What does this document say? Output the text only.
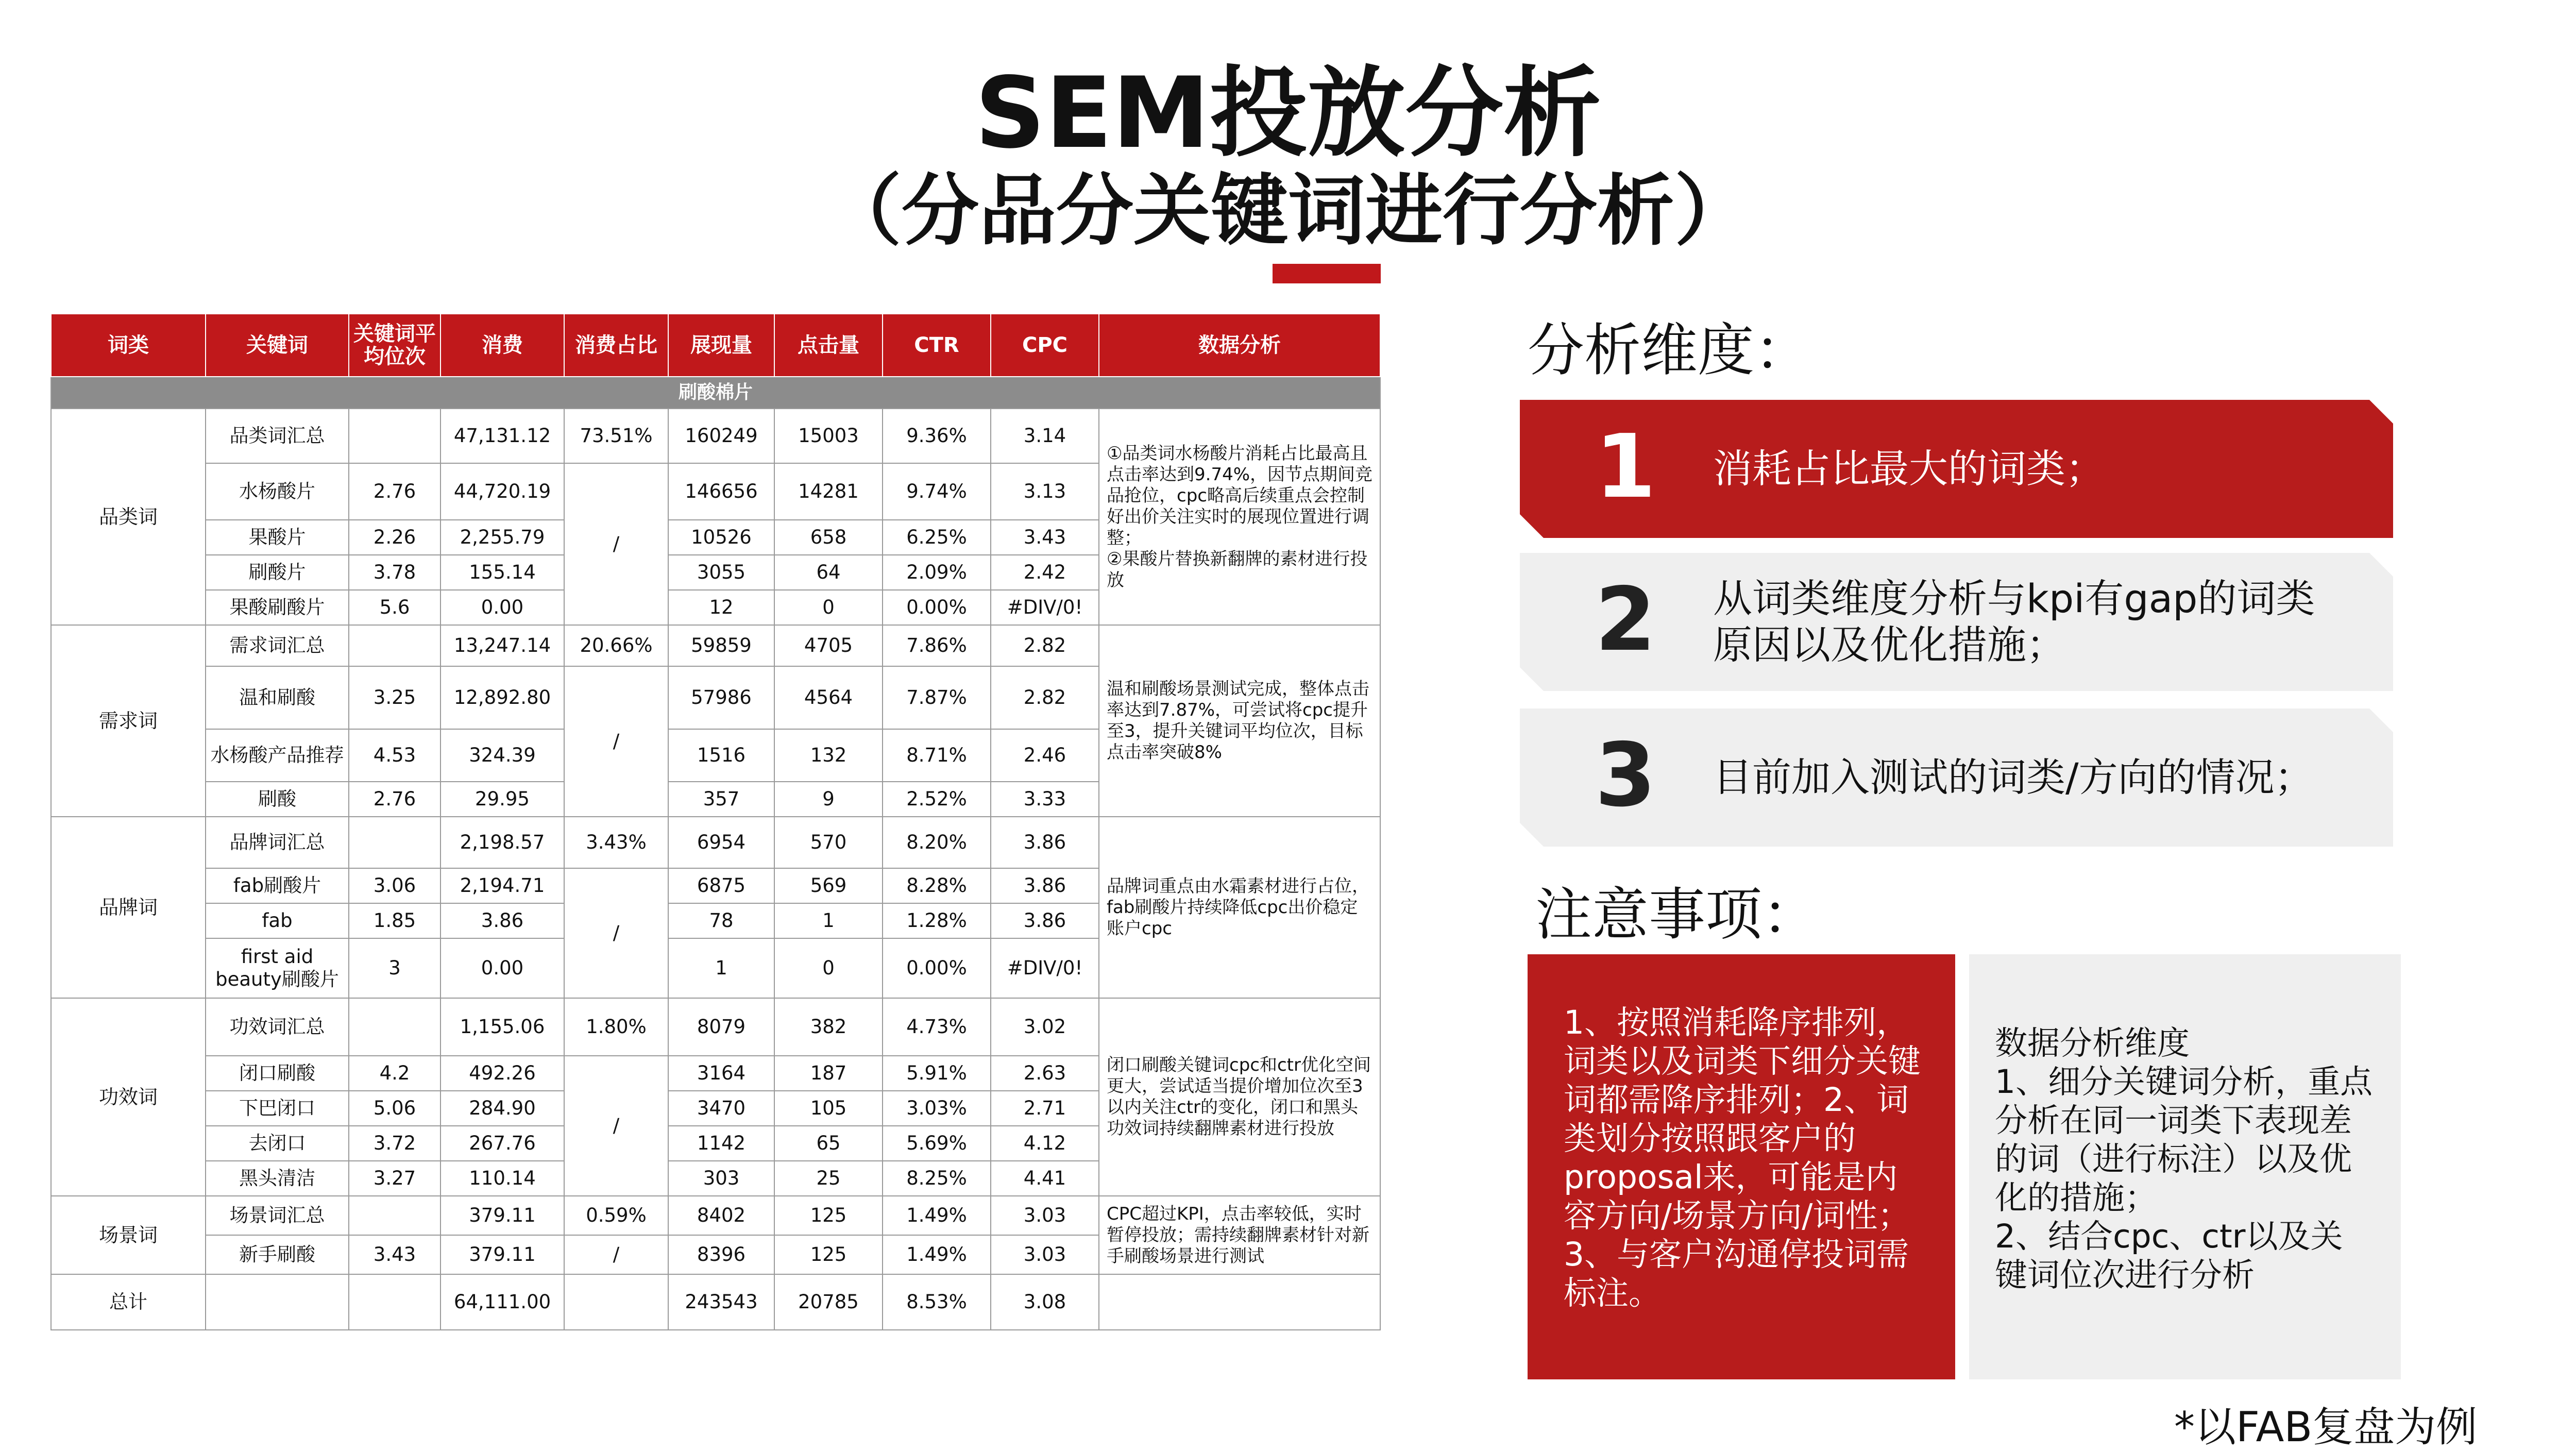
SEM投放分析
（分品分关键词进行分析）
词类	关键词	关键词平均位次	消费	消费占比	展现量	点击量	CTR	CPC	数据分析
刷酸棉片									
品类词	品类词汇总		47,131.12	73.51%	160249	15003	9.36%	3.14	①品类词水杨酸片消耗占比最高且点击率达到9.74%，因节点期间竞品抢位，cpc略高后续重点会控制好出价关注实时的展现位置进行调整；
②果酸片替换新翻牌的素材进行投放
	水杨酸片	2.76	44,720.19	/	146656	14281	9.74%	3.13	
	果酸片	2.26	2,255.79		10526	658	6.25%	3.43	
	刷酸片	3.78	155.14		3055	64	2.09%	2.42	
	果酸刷酸片	5.6	0.00		12	0	0.00%	#DIV/0!	
需求词	需求词汇总		13,247.14	20.66%	59859	4705	7.86%	2.82	温和刷酸场景测试完成，整体点击率达到7.87%，可尝试将cpc提升至3，提升关键词平均位次，目标点击率突破8%
	温和刷酸	3.25	12,892.80	/	57986	4564	7.87%	2.82	
	水杨酸产品推荐	4.53	324.39		1516	132	8.71%	2.46	
	刷酸	2.76	29.95		357	9	2.52%	3.33	
品牌词	品牌词汇总		2,198.57	3.43%	6954	570	8.20%	3.86	品牌词重点由水霜素材进行占位，fab刷酸片持续降低cpc出价稳定账户cpc
	fab刷酸片	3.06	2,194.71	/	6875	569	8.28%	3.86	
	fab	1.85	3.86		78	1	1.28%	3.86	
	first aid beauty刷酸片	3	0.00		1	0	0.00%	#DIV/0!	
功效词	功效词汇总		1,155.06	1.80%	8079	382	4.73%	3.02	闭口刷酸关键词cpc和ctr优化空间更大，尝试适当提价增加位次至3以内关注ctr的变化，闭口和黑头功效词持续翻牌素材进行投放
	闭口刷酸	4.2	492.26	/	3164	187	5.91%	2.63	
	下巴闭口	5.06	284.90		3470	105	3.03%	2.71	
	去闭口	3.72	267.76		1142	65	5.69%	4.12	
	黑头清洁	3.27	110.14		303	25	8.25%	4.41	
场景词	场景词汇总		379.11	0.59%	8402	125	1.49%	3.03	CPC超过KPI，点击率较低，实时暂停投放；需持续翻牌素材针对新手刷酸场景进行测试
	新手刷酸	3.43	379.11	/	8396	125	1.49%	3.03	
总计			64,111.00		243543	20785	8.53%	3.08	
分析维度：
1 消耗占比最大的词类；
2 从词类维度分析与kpi有gap的词类原因以及优化措施；
3 目前加入测试的词类/方向的情况；
注意事项：
1、按照消耗降序排列，词类以及词类下细分关键词都需降序排列；2、词类划分按照跟客户的proposal来，可能是内容方向/场景方向/词性；
3、与客户沟通停投词需标注。
数据分析维度
1、细分关键词分析，重点分析在同一词类下表现差的词（进行标注）以及优化的措施；
2、结合cpc、ctr以及关键词位次进行分析
*以FAB复盘为例
